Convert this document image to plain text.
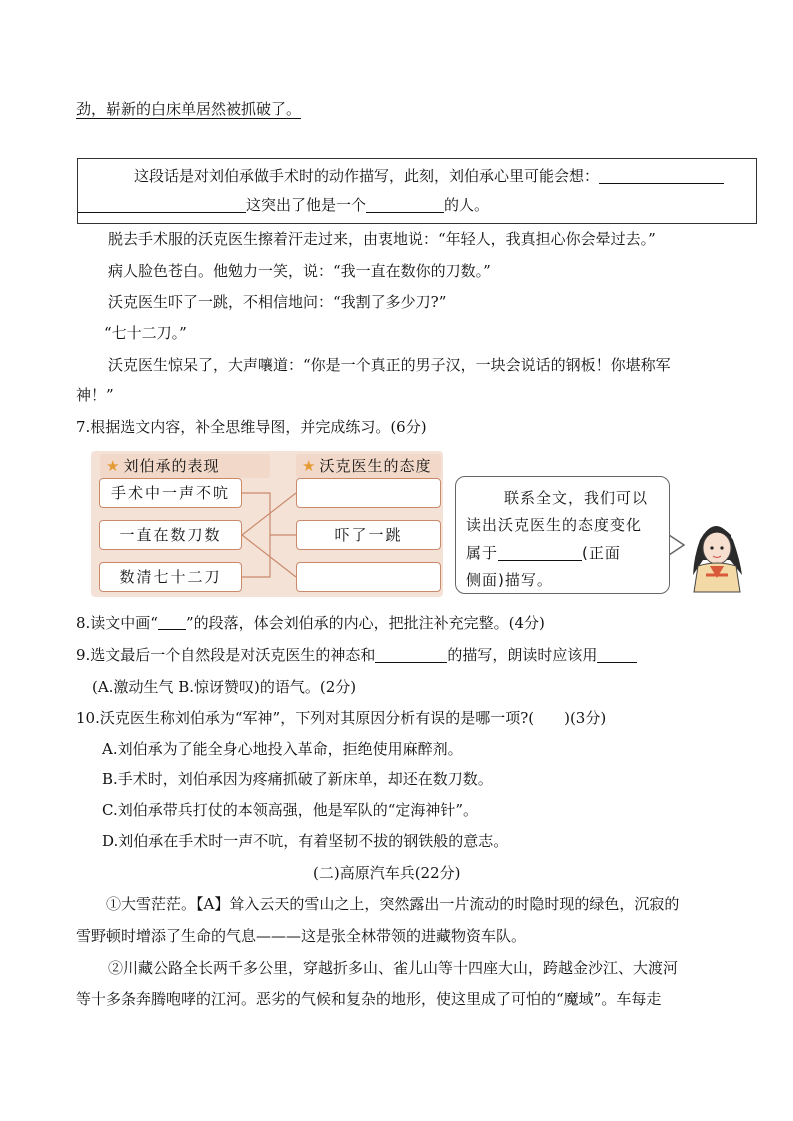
劲，崭新的白床单居然被抓破了。
这段话是对刘伯承做手术时的动作描写，此刻，刘伯承心里可能会想：
这突出了他是一个	的人。
脱去手术服的沃克医生擦着汗走过来，由衷地说：“年轻人，我真担心你会晕过去。”
病人脸色苍白。他勉力一笑，说：“我一直在数你的刀数。”
沃克医生吓了一跳，不相信地问：“我割了多少刀?”
“七十二刀。”
沃克医生惊呆了，大声嚷道：“你是一个真正的男子汉，一块会说话的钢板！你堪称军
神！”
7.根据选文内容，补全思维导图，并完成练习。(6分)
★ 刘伯承的表现	★ 沃克医生的态度
手术中一声不吭
一直在数刀数
数清七十二刀
吓了一跳
联系全文，我们可以
读出沃克医生的态度变化
属于	(正面
侧面)描写。
8.读文中画“ ”的段落，体会刘伯承的内心，把批注补充完整。(4分)
9.选文最后一个自然段是对沃克医生的神态和	的描写，朗读时应该用
(A.激动生气 B.惊讶赞叹)的语气。(2分)
10.沃克医生称刘伯承为“军神”，下列对其原因分析有误的是哪一项?(　　)(3分)
A.刘伯承为了能全身心地投入革命，拒绝使用麻醉剂。
B.手术时，刘伯承因为疼痛抓破了新床单，却还在数刀数。
C.刘伯承带兵打仗的本领高强，他是军队的“定海神针”。
D.刘伯承在手术时一声不吭，有着坚韧不拔的钢铁般的意志。
(二)高原汽车兵(22分)
①大雪茫茫。【A】耸入云天的雪山之上，突然露出一片流动的时隐时现的绿色，沉寂的
雪野顿时增添了生命的气息———这是张全林带领的进藏物资车队。
②川藏公路全长两千多公里，穿越折多山、雀儿山等十四座大山，跨越金沙江、大渡河
等十多条奔腾咆哮的江河。恶劣的气候和复杂的地形，使这里成了可怕的“魔域”。车每走
